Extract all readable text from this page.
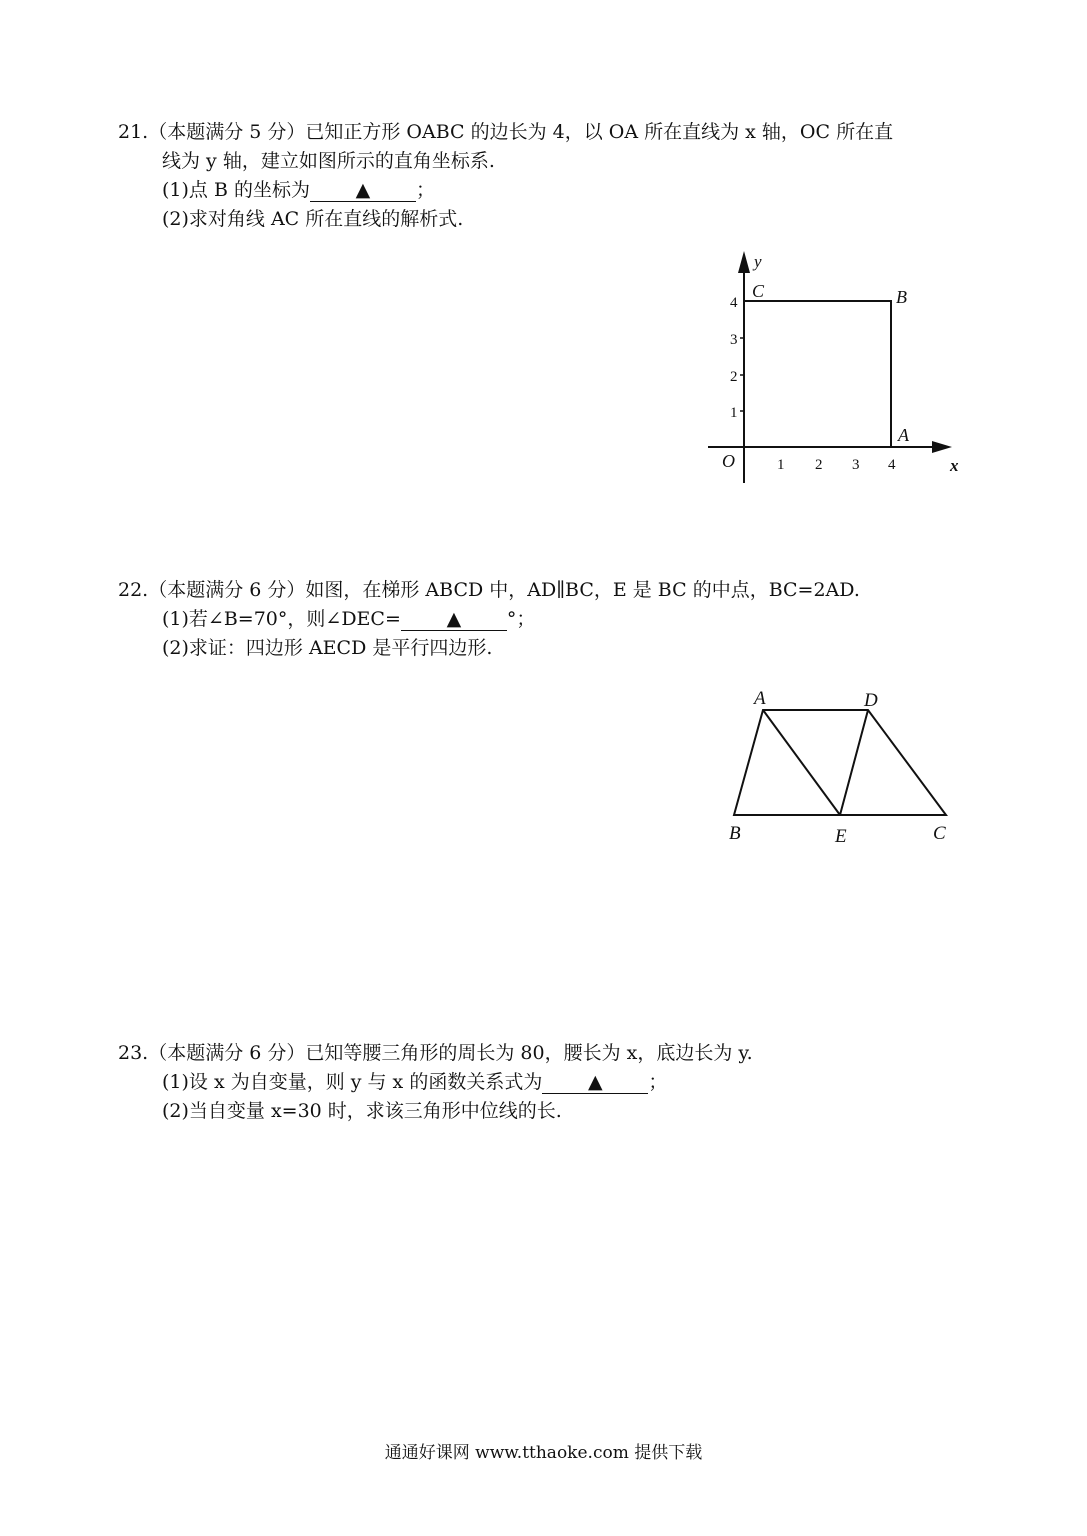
21.（本题满分 5 分）已知正方形 OABC 的边长为 4，以 OA 所在直线为 x 轴，OC 所在直

线为 y 轴，建立如图所示的直角坐标系.

(1)点 B 的坐标为 ▲ ；

(2)求对角线 AC 所在直线的解析式.

y
x
O
C	B
A
4
3
2
1
1 2 3 4

22.（本题满分 6 分）如图，在梯形 ABCD 中，AD∥BC，E 是 BC 的中点，BC=2AD.

(1)若∠B=70°，则∠DEC= ▲ °；

(2)求证：四边形 AECD 是平行四边形.

A	D
B	E	C

23.（本题满分 6 分）已知等腰三角形的周长为 80，腰长为 x，底边长为 y.

(1)设 x 为自变量，则 y 与 x 的函数关系式为 ▲ ；

(2)当自变量 x=30 时，求该三角形中位线的长.

通通好课网 www.tthaoke.com 提供下载
